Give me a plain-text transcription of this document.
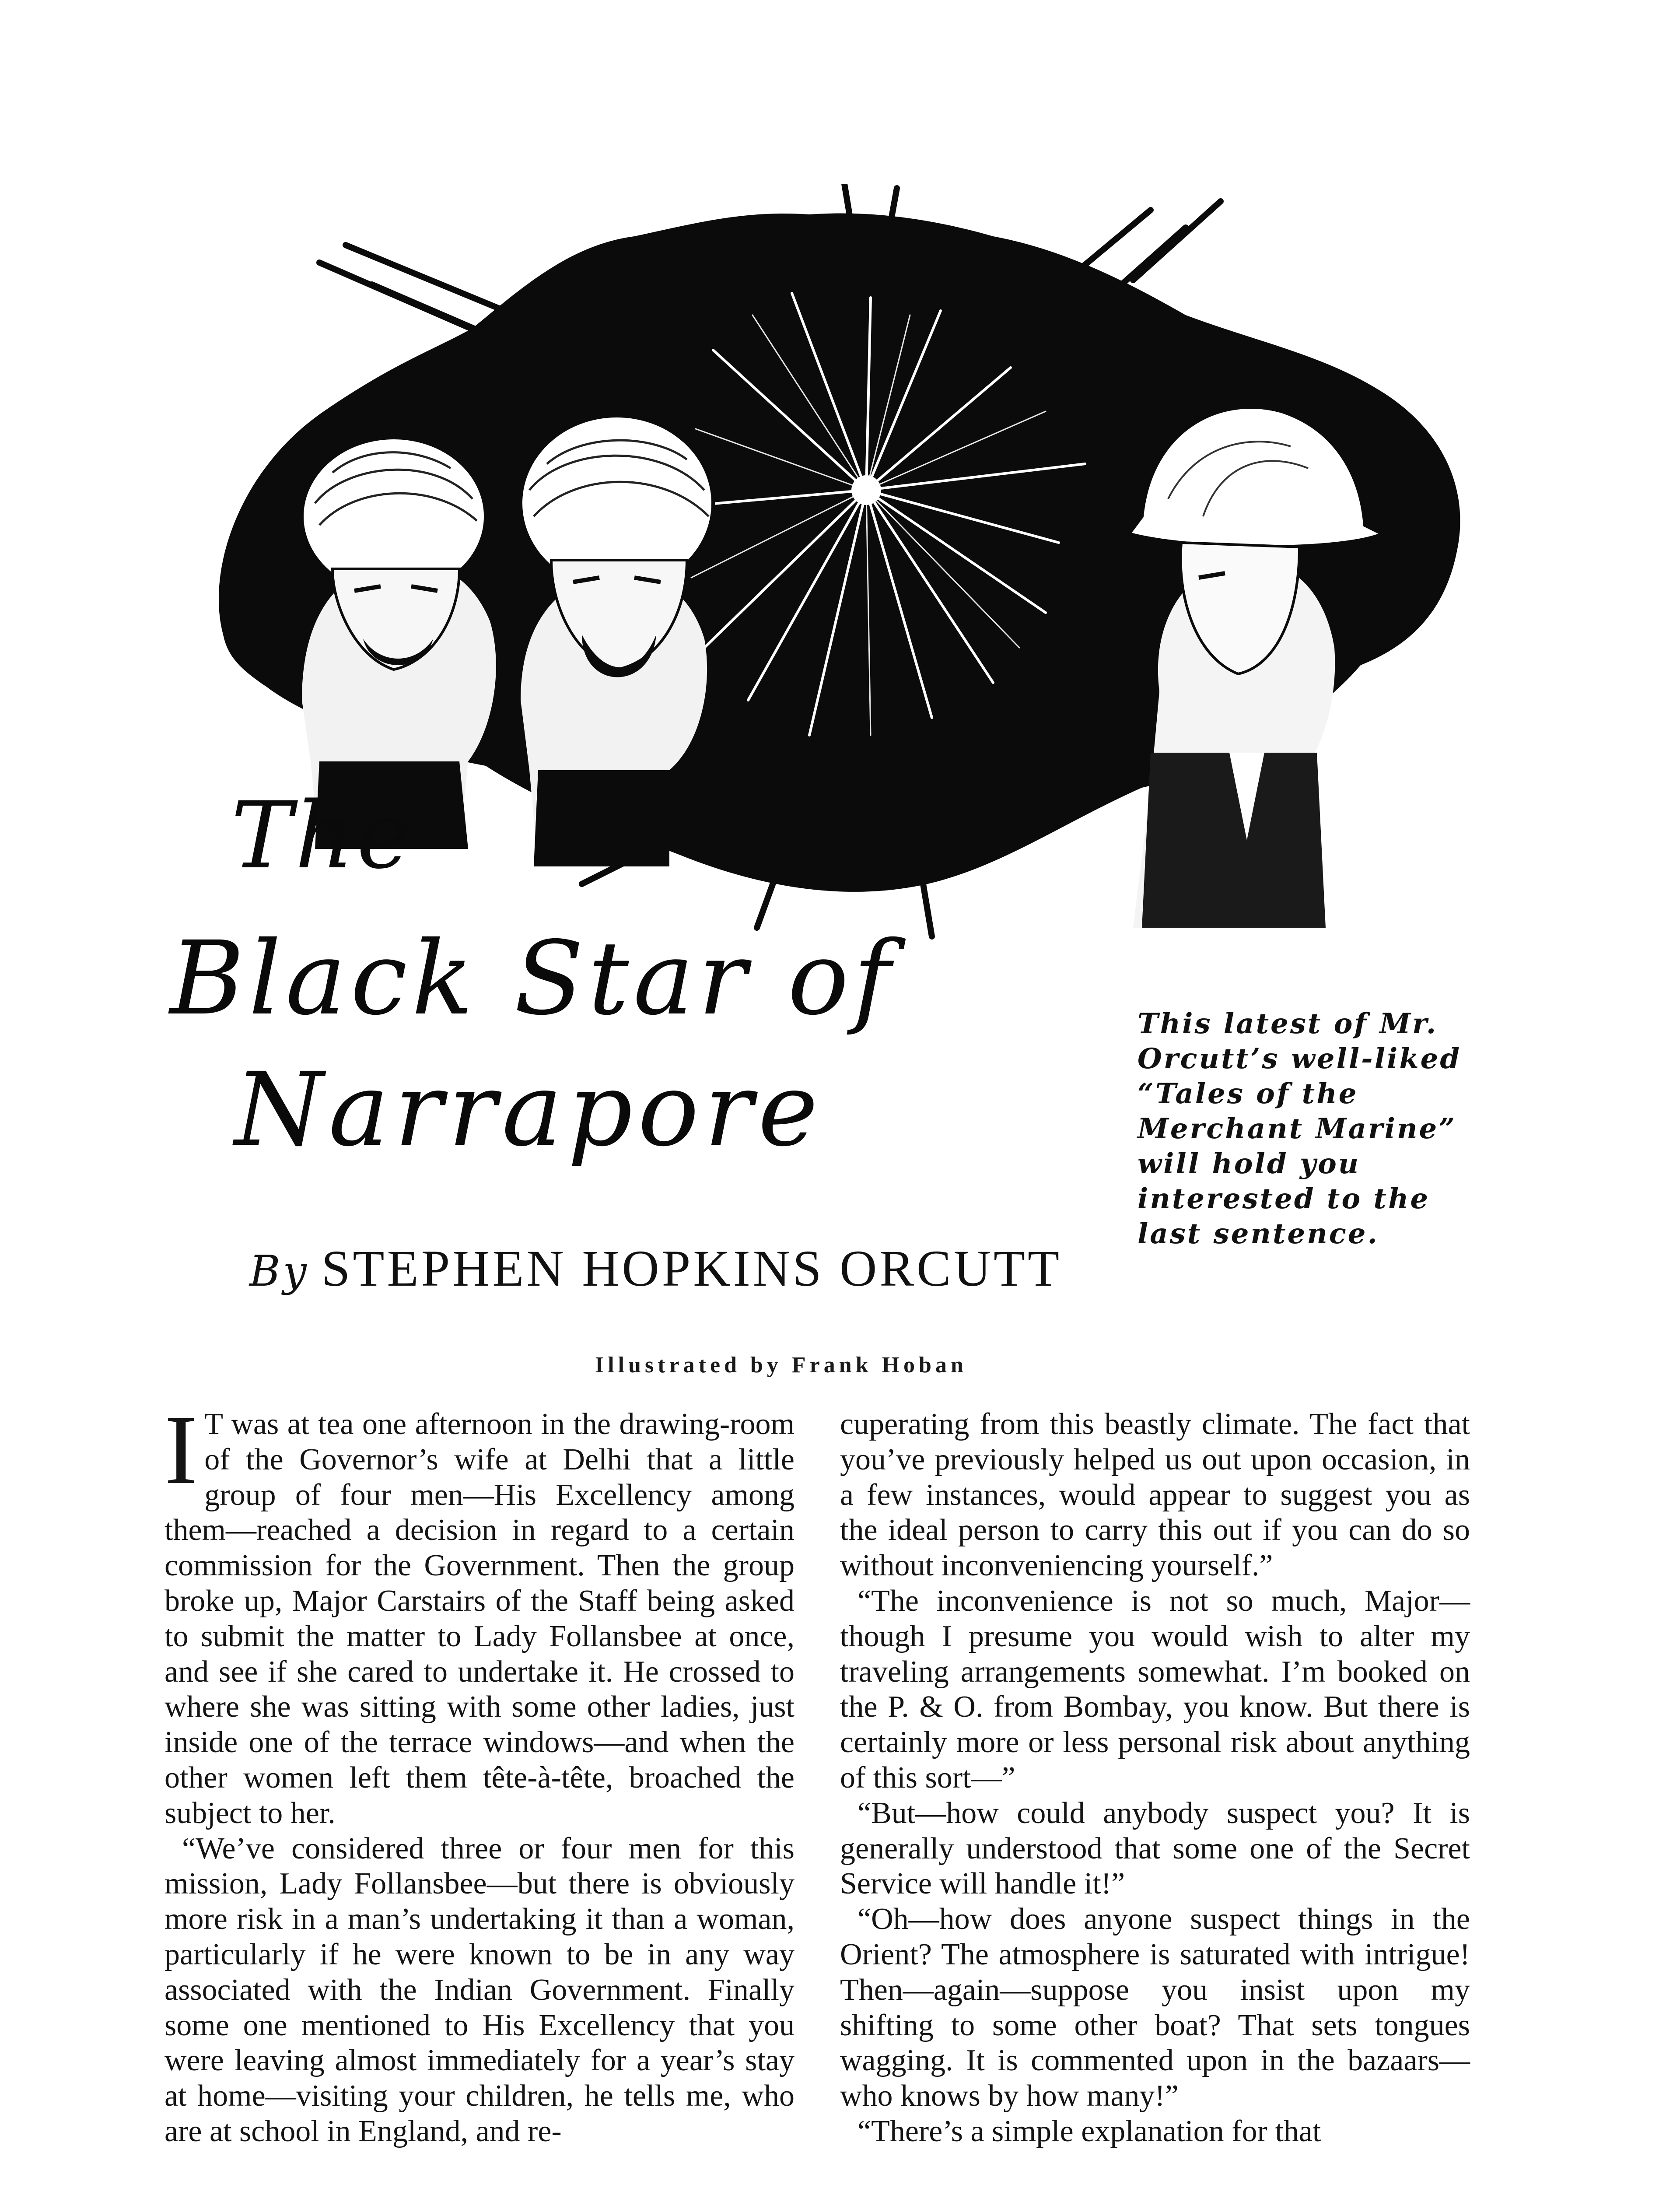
The
Black Star of
Narrapore
This latest of Mr. Orcutt’s well-liked “Tales of the Merchant Marine” will hold you interested to the last sentence.
By STEPHEN HOPKINS ORCUTT
Illustrated by Frank Hoban

I T was at tea one afternoon in the drawing-room of the Governor’s wife at Delhi that a little group of four men—His Excellency among them—reached a decision in regard to a certain commission for the Government. Then the group broke up, Major Carstairs of the Staff being asked to submit the matter to Lady Follansbee at once, and see if she cared to undertake it. He crossed to where she was sitting with some other ladies, just inside one of the terrace windows—and when the other women left them tête-à-tête, broached the subject to her.

“We’ve considered three or four men for this mission, Lady Follansbee—but there is obviously more risk in a man’s undertaking it than a woman, particularly if he were known to be in any way associated with the Indian Government. Finally some one mentioned to His Excellency that you were leaving almost immediately for a year’s stay at home—visiting your children, he tells me, who are at school in England, and re-

cuperating from this beastly climate. The fact that you’ve previously helped us out upon occasion, in a few instances, would appear to suggest you as the ideal person to carry this out if you can do so without inconveniencing yourself.”

“The inconvenience is not so much, Major—though I presume you would wish to alter my traveling arrangements somewhat. I’m booked on the P. & O. from Bombay, you know. But there is certainly more or less personal risk about anything of this sort—”

“But—how could anybody suspect you? It is generally understood that some one of the Secret Service will handle it!”

“Oh—how does anyone suspect things in the Orient? The atmosphere is saturated with intrigue! Then—again—suppose you insist upon my shifting to some other boat? That sets tongues wagging. It is commented upon in the bazaars—who knows by how many!”

“There’s a simple explanation for that
